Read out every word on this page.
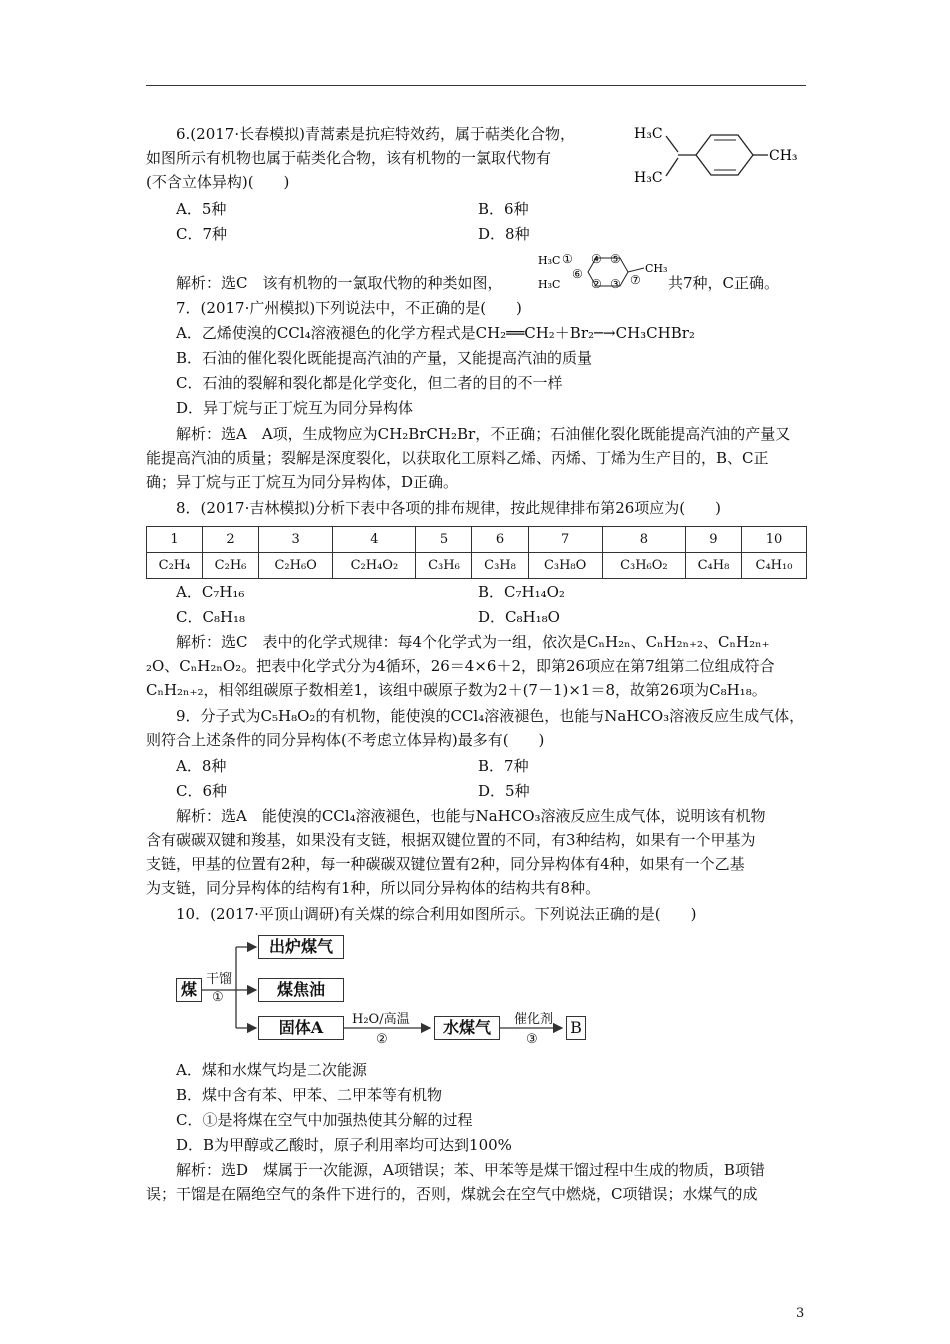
6.(2017·长春模拟)青蒿素是抗疟特效药，属于萜类化合物，
如图所示有机物也属于萜类化合物，该有机物的一氯取代物有
(不含立体异构)(　　)
H₃C
H₃C
CH₃
A．5种	B．6种
C．7种	D．8种
解析：选C　该有机物的一氯取代物的种类如图，
H₃C
H₃C
CH₃
①
② ③
④ ⑤
⑥	⑦ 共7种，C正确。
7．(2017·广州模拟)下列说法中，不正确的是(　　)
A．乙烯使溴的CCl₄溶液褪色的化学方程式是CH₂══CH₂＋Br₂─→CH₃CHBr₂
B．石油的催化裂化既能提高汽油的产量，又能提高汽油的质量
C．石油的裂解和裂化都是化学变化，但二者的目的不一样
D．异丁烷与正丁烷互为同分异构体
解析：选A　A项，生成物应为CH₂BrCH₂Br，不正确；石油催化裂化既能提高汽油的产量又
能提高汽油的质量；裂解是深度裂化，以获取化工原料乙烯、丙烯、丁烯为生产目的，B、C正
确；异丁烷与正丁烷互为同分异构体，D正确。
8．(2017·吉林模拟)分析下表中各项的排布规律，按此规律排布第26项应为(　　)
1	2	3	4	5	6	7	8	9	10
C₂H₄	C₂H₆	C₂H₆O	C₂H₄O₂	C₃H₆	C₃H₈	C₃H₈O	C₃H₆O₂	C₄H₈	C₄H₁₀
A．C₇H₁₆	B．C₇H₁₄O₂
C．C₈H₁₈	D．C₈H₁₈O
解析：选C　表中的化学式规律：每4个化学式为一组，依次是CₙH₂ₙ、CₙH₂ₙ₊₂、CₙH₂ₙ₊
₂O、CₙH₂ₙO₂。把表中化学式分为4循环，26＝4×6＋2，即第26项应在第7组第二位组成符合
CₙH₂ₙ₊₂，相邻组碳原子数相差1，该组中碳原子数为2＋(7－1)×1＝8，故第26项为C₈H₁₈。
9．分子式为C₅H₈O₂的有机物，能使溴的CCl₄溶液褪色，也能与NaHCO₃溶液反应生成气体，
则符合上述条件的同分异构体(不考虑立体异构)最多有(　　)
A．8种	B．7种
C．6种	D．5种
解析：选A　能使溴的CCl₄溶液褪色，也能与NaHCO₃溶液反应生成气体，说明该有机物
含有碳碳双键和羧基，如果没有支链，根据双键位置的不同，有3种结构，如果有一个甲基为
支链，甲基的位置有2种，每一种碳碳双键位置有2种，同分异构体有4种，如果有一个乙基
为支链，同分异构体的结构有1种，所以同分异构体的结构共有8种。
10．(2017·平顶山调研)有关煤的综合利用如图所示。下列说法正确的是(　　)
煤
干馏
①
出炉煤气
煤焦油
固体A	H₂O/高温
②
水煤气	催化剂
③
B
A．煤和水煤气均是二次能源
B．煤中含有苯、甲苯、二甲苯等有机物
C．①是将煤在空气中加强热使其分解的过程
D．B为甲醇或乙酸时，原子利用率均可达到100%
解析：选D　煤属于一次能源，A项错误；苯、甲苯等是煤干馏过程中生成的物质，B项错
误；干馏是在隔绝空气的条件下进行的，否则，煤就会在空气中燃烧，C项错误；水煤气的成
3
